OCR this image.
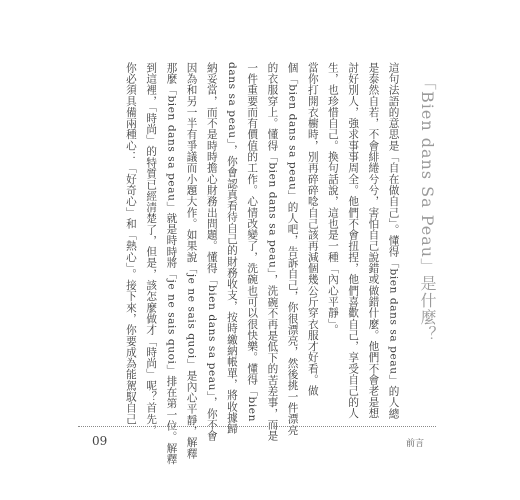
「Bien dans Sa Peau」是什麼？
這句法語的意思是「自在做自己」。懂得「bien dans sa peau」的人總
是泰然自若，不會緋綣兮兮，害怕自己說錯或做錯什麼。他們不會老是想
討好別人，強求事事周全。他們不會扭捏，他們喜歡自己，享受自己的人
生，也珍惜自己。換句話說，這也是一種「內心平靜」。
當你打開衣櫥時，別再碎碎唸自己該再減個幾公斤穿衣服才好看。做
個「bien dans sa peau」的人吧，告訴自己，你很漂亮，然後挑一件漂亮
的衣服穿上。懂得「bien dans sa peau」，洗碗不再是低下的苦差事，而是
一件重要而有價值的工作。心情改變了，洗碗也可以很快樂。懂得「bien
dans sa peau」，你會認真看待自己的財務收支，按時繳納帳單，將收據歸
納妥當，而不是時時擔心財務出問題。懂得「bien dans sa peau」，你不會
因為和另一半有爭議而小題大作。如果說「je ne sais quoi」是內心平靜，解釋
那麼「bien dans sa peau」就是時時將「je ne sais quoi」排在第一位。解釋
到這裡，「時尚」的特質已經清楚了，但是，該怎麼做才「時尚」呢？首先，
你必須具備兩種心：「好奇心」和「熱心」。接下來，你要成為能駕馭自己
09	前言
